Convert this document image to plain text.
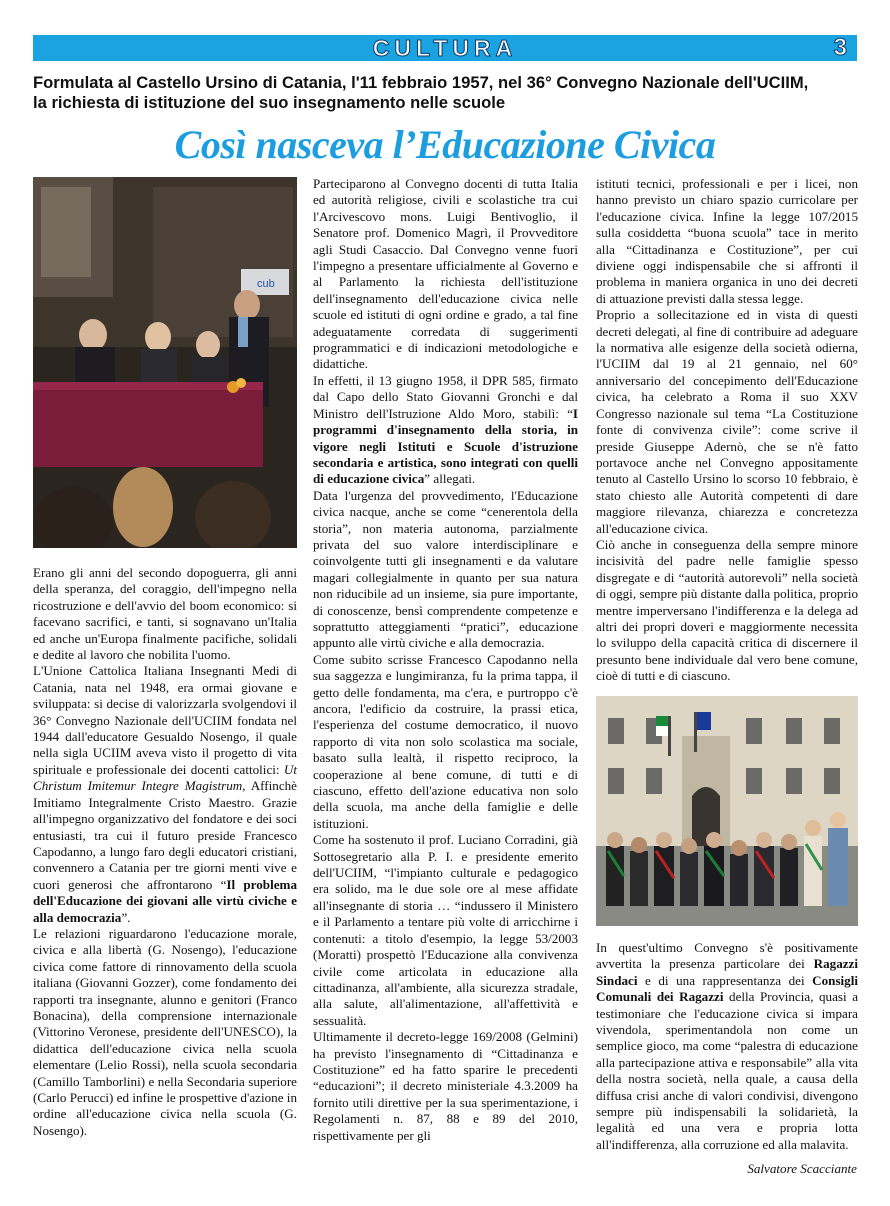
CULTURA	3
Formulata al Castello Ursino di Catania, l'11 febbraio 1957, nel 36° Convegno Nazionale dell'UCIIM,
la richiesta di istituzione del suo insegnamento nelle scuole
Così nasceva l’Educazione Civica
cub

Erano gli anni del secondo dopoguerra, gli anni della speranza, del coraggio, dell'impegno nella ricostruzione e dell'avvio del boom economico: si facevano sacrifici, e tanti, si sognavano un'Italia ed anche un'Europa finalmente pacifiche, solidali e dedite al lavoro che nobilita l'uomo.

L'Unione Cattolica Italiana Insegnanti Medi di Catania, nata nel 1948, era ormai giovane e sviluppata: si decise di valorizzarla svolgendovi il 36° Convegno Nazionale dell'UCIIM fondata nel 1944 dall'educatore Gesualdo Nosengo, il quale nella sigla UCIIM aveva visto il progetto di vita spirituale e professionale dei docenti cattolici: Ut Christum Imitemur Integre Magistrum, Affinchè Imitiamo Integralmente Cristo Maestro. Grazie all'impegno organizzativo del fondatore e dei soci entusiasti, tra cui il futuro preside Francesco Capodanno, a lungo faro degli educatori cristiani, convennero a Catania per tre giorni menti vive e cuori generosi che affrontarono “Il problema dell'Educazione dei giovani alle virtù civiche e alla democrazia”.

Le relazioni riguardarono l'educazione morale, civica e alla libertà (G. Nosengo), l'educazione civica come fattore di rinnovamento della scuola italiana (Giovanni Gozzer), come fondamento dei rapporti tra insegnante, alunno e genitori (Franco Bonacina), della comprensione internazionale (Vittorino Veronese, presidente dell'UNESCO), la didattica dell'educazione civica nella scuola elementare (Lelio Rossi), nella scuola secondaria (Camillo Tamborlini) e nella Secondaria superiore (Carlo Perucci) ed infine le prospettive d'azione in ordine all'educazione civica nella scuola (G. Nosengo).

Parteciparono al Convegno docenti di tutta Italia ed autorità religiose, civili e scolastiche tra cui l'Arcivescovo mons. Luigi Bentivoglio, il Senatore prof. Domenico Magrì, il Provveditore agli Studi Casaccio. Dal Convegno venne fuori l'impegno a presentare ufficialmente al Governo e al Parlamento la richiesta dell'istituzione dell'insegnamento dell'educazione civica nelle scuole ed istituti di ogni ordine e grado, a tal fine adeguatamente corredata di suggerimenti programmatici e di indicazioni metodologiche e didattiche.

In effetti, il 13 giugno 1958, il DPR 585, firmato dal Capo dello Stato Giovanni Gronchi e dal Ministro dell'Istruzione Aldo Moro, stabilì: “I programmi d'insegnamento della storia, in vigore negli Istituti e Scuole d'istruzione secondaria e artistica, sono integrati con quelli di educazione civica” allegati.

Data l'urgenza del provvedimento, l'Educazione civica nacque, anche se come “cenerentola della storia”, non materia autonoma, parzialmente privata del suo valore interdisciplinare e coinvolgente tutti gli insegnamenti e da valutare magari collegialmente in quanto per sua natura non riducibile ad un insieme, sia pure importante, di conoscenze, bensì comprendente competenze e soprattutto atteggiamenti “pratici”, educazione appunto alle virtù civiche e alla democrazia.

Come subito scrisse Francesco Capodanno nella sua saggezza e lungimiranza, fu la prima tappa, il getto delle fondamenta, ma c'era, e purtroppo c'è ancora, l'edificio da costruire, la prassi etica, l'esperienza del costume democratico, il nuovo rapporto di vita non solo scolastica ma sociale, basato sulla lealtà, il rispetto reciproco, la cooperazione al bene comune, di tutti e di ciascuno, effetto dell'azione educativa non solo della scuola, ma anche della famiglie e delle istituzioni.

Come ha sostenuto il prof. Luciano Corradini, già Sottosegretario alla P. I. e presidente emerito dell'UCIIM, “l'impianto culturale e pedagogico era solido, ma le due sole ore al mese affidate all'insegnante di storia … “indussero il Ministero e il Parlamento a tentare più volte di arricchirne i contenuti: a titolo d'esempio, la legge 53/2003 (Moratti) prospettò l'Educazione alla convivenza civile come articolata in educazione alla cittadinanza, all'ambiente, alla sicurezza stradale, alla salute, all'alimentazione, all'affettività e sessualità.

Ultimamente il decreto-legge 169/2008 (Gelmini) ha previsto l'insegnamento di “Cittadinanza e Costituzione” ed ha fatto sparire le precedenti “educazioni”; il decreto ministeriale 4.3.2009 ha fornito utili direttive per la sua sperimentazione, i Regolamenti n. 87, 88 e 89 del 2010, rispettivamente per gli

istituti tecnici, professionali e per i licei, non hanno previsto un chiaro spazio curricolare per l'educazione civica. Infine la legge 107/2015 sulla cosiddetta “buona scuola” tace in merito alla “Cittadinanza e Costituzione”, per cui diviene oggi indispensabile che si affronti il problema in maniera organica in uno dei decreti di attuazione previsti dalla stessa legge.

Proprio a sollecitazione ed in vista di questi decreti delegati, al fine di contribuire ad adeguare la normativa alle esigenze della società odierna, l'UCIIM dal 19 al 21 gennaio, nel 60° anniversario del concepimento dell'Educazione civica, ha celebrato a Roma il suo XXV Congresso nazionale sul tema “La Costituzione fonte di convivenza civile”: come scrive il preside Giuseppe Adernò, che se n'è fatto portavoce anche nel Convegno appositamente tenuto al Castello Ursino lo scorso 10 febbraio, è stato chiesto alle Autorità competenti di dare maggiore rilevanza, chiarezza e concretezza all'educazione civica.

Ciò anche in conseguenza della sempre minore incisività del padre nelle famiglie spesso disgregate e di “autorità autorevoli” nella società di oggi, sempre più distante dalla politica, proprio mentre imperversano l'indifferenza e la delega ad altri dei propri doveri e maggiormente necessita lo sviluppo della capacità critica di discernere il presunto bene individuale dal vero bene comune, cioè di tutti e di ciascuno.

In quest'ultimo Convegno s'è positivamente avvertita la presenza particolare dei Ragazzi Sindaci e di una rappresentanza dei Consigli Comunali dei Ragazzi della Provincia, quasi a testimoniare che l'educazione civica si impara vivendola, sperimentandola non come un semplice gioco, ma come “palestra di educazione alla partecipazione attiva e responsabile” alla vita della nostra società, nella quale, a causa della diffusa crisi anche di valori condivisi, divengono sempre più indispensabili la solidarietà, la legalità ed una vera e propria lotta all'indifferenza, alla corruzione ed alla malavita.

Salvatore Scacciante
